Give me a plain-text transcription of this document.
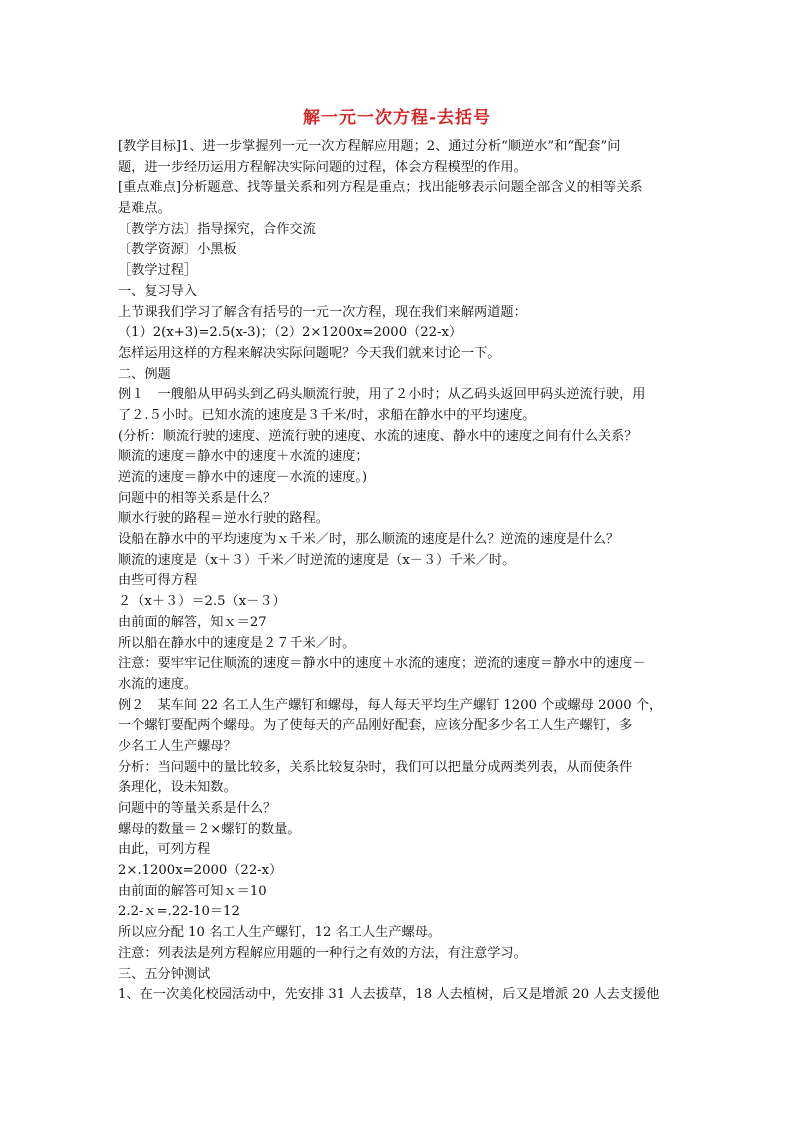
解一元一次方程-去括号
[教学目标]1、进一步掌握列一元一次方程解应用题；2、通过分析“顺逆水”和“配套”问
题，进一步经历运用方程解决实际问题的过程，体会方程模型的作用。
[重点难点]分析题意、找等量关系和列方程是重点；找出能够表示问题全部含义的相等关系
是难点。
〔教学方法〕指导探究，合作交流
〔教学资源〕小黑板
［教学过程］
一、复习导入
上节课我们学习了解含有括号的一元一次方程，现在我们来解两道题：
（1）2(x+3)=2.5(x-3)；（2）2×1200x=2000（22-x）
怎样运用这样的方程来解决实际问题呢？今天我们就来讨论一下。
二、例题
例１　一艘船从甲码头到乙码头顺流行驶，用了２小时；从乙码头返回甲码头逆流行驶，用
了２.５小时。已知水流的速度是３千米/时，求船在静水中的平均速度。
(分析：顺流行驶的速度、逆流行驶的速度、水流的速度、静水中的速度之间有什么关系？
顺流的速度＝静水中的速度＋水流的速度；
逆流的速度＝静水中的速度－水流的速度。)
问题中的相等关系是什么？
顺水行驶的路程＝逆水行驶的路程。
设船在静水中的平均速度为ｘ千米／时，那么顺流的速度是什么？逆流的速度是什么？
顺流的速度是（x＋３）千米／时逆流的速度是（x－３）千米／时。
由些可得方程
２（x＋３）＝2.5（x－３）
由前面的解答，知ｘ＝27
所以船在静水中的速度是２７千米／时。
注意：要牢牢记住顺流的速度＝静水中的速度＋水流的速度；逆流的速度＝静水中的速度－
水流的速度。
例２　某车间 22 名工人生产螺钉和螺母，每人每天平均生产螺钉 1200 个或螺母 2000 个，
一个螺钉要配两个螺母。为了使每天的产品刚好配套，应该分配多少名工人生产螺钉，多
少名工人生产螺母？
分析：当问题中的量比较多，关系比较复杂时，我们可以把量分成两类列表，从而使条件
条理化，设未知数。
问题中的等量关系是什么？
螺母的数量＝２×螺钉的数量。
由此，可列方程
2×.1200x=2000（22-x）
由前面的解答可知ｘ＝10
2.2-ｘ=.22-10＝12
所以应分配 10 名工人生产螺钉，12 名工人生产螺母。
注意：列表法是列方程解应用题的一种行之有效的方法，有注意学习。
三、五分钟测试
1、在一次美化校园活动中，先安排 31 人去拔草，18 人去植树，后又是增派 20 人去支援他
